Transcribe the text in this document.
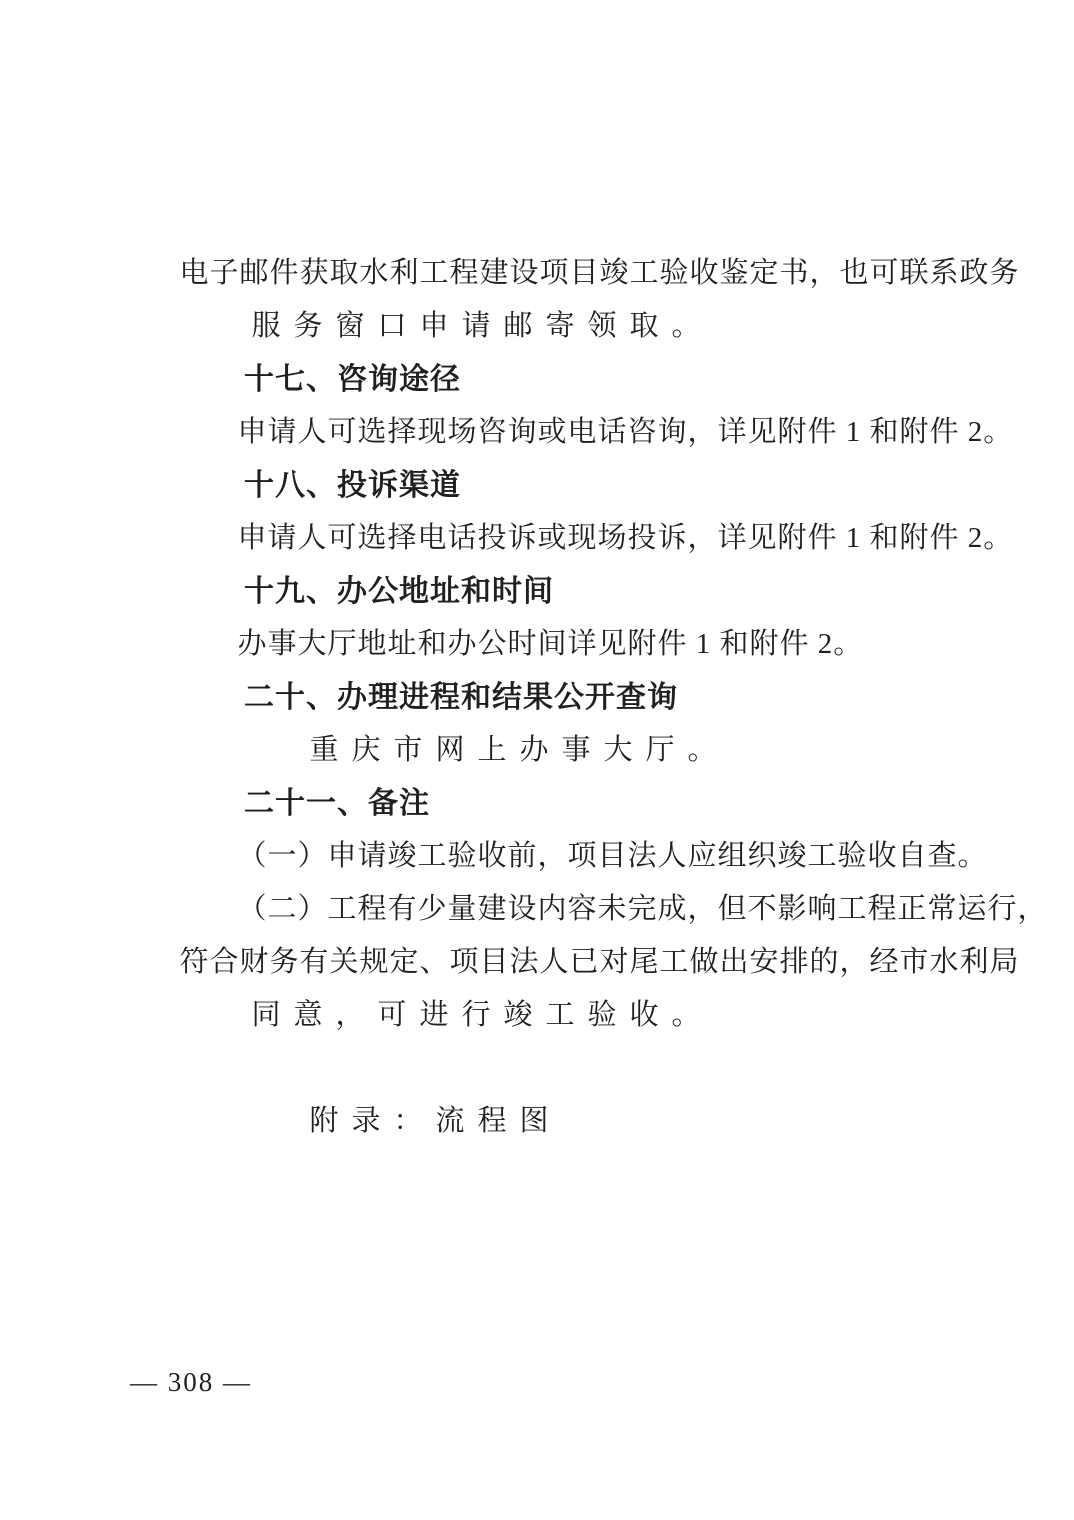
电子邮件获取水利工程建设项目竣工验收鉴定书，也可联系政务

服务窗口申请邮寄领取。

十七、咨询途径

申请人可选择现场咨询或电话咨询，详见附件 1 和附件 2。

十八、投诉渠道

申请人可选择电话投诉或现场投诉，详见附件 1 和附件 2。

十九、办公地址和时间

办事大厅地址和办公时间详见附件 1 和附件 2。

二十、办理进程和结果公开查询

重庆市网上办事大厅。

二十一、备注

（一）申请竣工验收前，项目法人应组织竣工验收自查。

（二）工程有少量建设内容未完成，但不影响工程正常运行，

符合财务有关规定、项目法人已对尾工做出安排的，经市水利局

同意，可进行竣工验收。

附录：流程图

— 308 —
